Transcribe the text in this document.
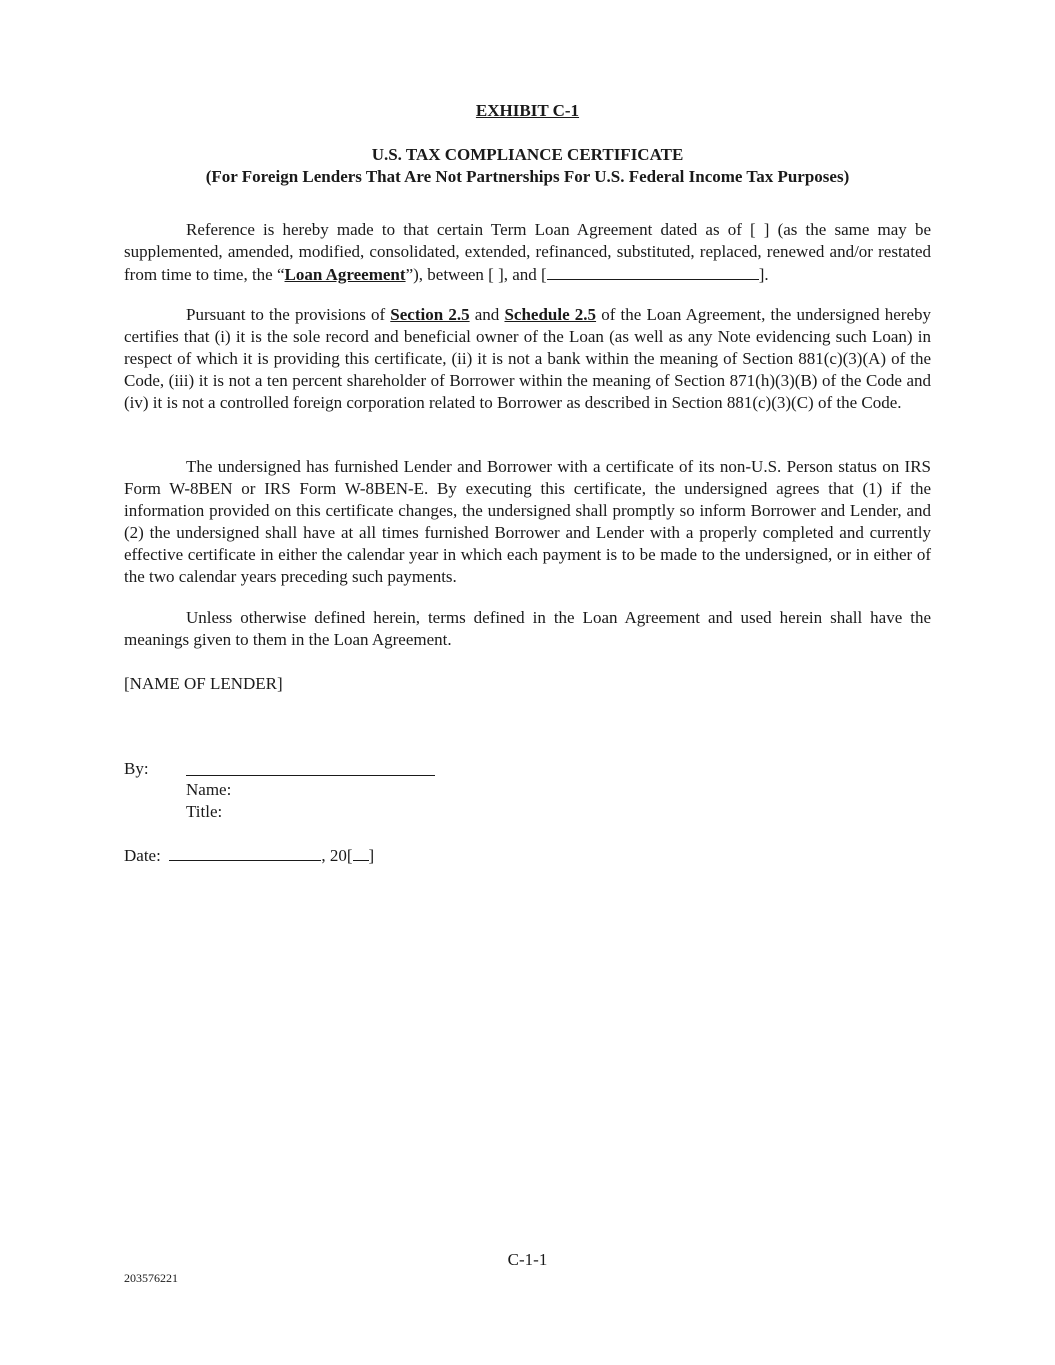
EXHIBIT C-1
U.S. TAX COMPLIANCE CERTIFICATE
(For Foreign Lenders That Are Not Partnerships For U.S. Federal Income Tax Purposes)

Reference is hereby made to that certain Term Loan Agreement dated as of [ ] (as the same may be supplemented, amended, modified, consolidated, extended, refinanced, substituted, replaced, renewed and/or restated from time to time, the “Loan Agreement”), between [ ], and [	].

Pursuant to the provisions of Section 2.5 and Schedule 2.5 of the Loan Agreement, the undersigned hereby certifies that (i) it is the sole record and beneficial owner of the Loan (as well as any Note evidencing such Loan) in respect of which it is providing this certificate, (ii) it is not a bank within the meaning of Section 881(c)(3)(A) of the Code, (iii) it is not a ten percent shareholder of Borrower within the meaning of Section 871(h)(3)(B) of the Code and (iv) it is not a controlled foreign corporation related to Borrower as described in Section 881(c)(3)(C) of the Code.

The undersigned has furnished Lender and Borrower with a certificate of its non-U.S. Person status on IRS Form W-8BEN or IRS Form W-8BEN-E. By executing this certificate, the undersigned agrees that (1) if the information provided on this certificate changes, the undersigned shall promptly so inform Borrower and Lender, and (2) the undersigned shall have at all times furnished Borrower and Lender with a properly completed and currently effective certificate in either the calendar year in which each payment is to be made to the undersigned, or in either of the two calendar years preceding such payments.

Unless otherwise defined herein, terms defined in the Loan Agreement and used herein shall have the meanings given to them in the Loan Agreement.

[NAME OF LENDER]
By:
Name:
Title:
Date:	, 20[ ]
C-1-1
203576221
